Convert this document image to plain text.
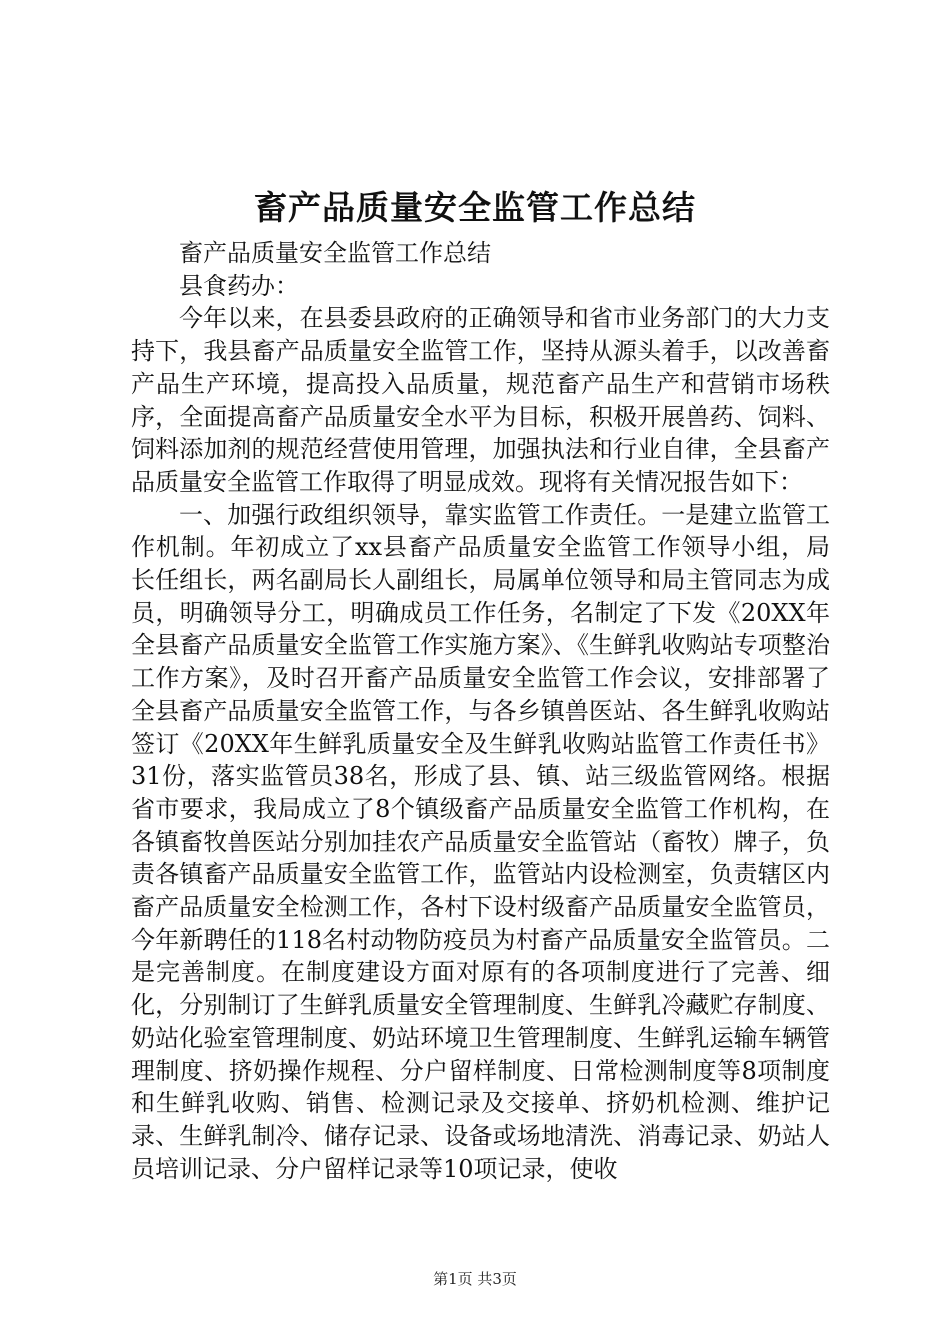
畜产品质量安全监管工作总结

畜产品质量安全监管工作总结

县食药办：

今年以来，在县委县政府的正确领导和省市业务部门的大力支持下，我县畜产品质量安全监管工作，坚持从源头着手，以改善畜产品生产环境，提高投入品质量，规范畜产品生产和营销市场秩序，全面提高畜产品质量安全水平为目标，积极开展兽药、饲料、饲料添加剂的规范经营使用管理，加强执法和行业自律，全县畜产品质量安全监管工作取得了明显成效。现将有关情况报告如下：

一、加强行政组织领导，靠实监管工作责任。一是建立监管工作机制。年初成立了xx县畜产品质量安全监管工作领导小组，局长任组长，两名副局长人副组长，局属单位领导和局主管同志为成员，明确领导分工，明确成员工作任务，名制定了下发《20XX年全县畜产品质量安全监管工作实施方案》、《生鲜乳收购站专项整治工作方案》，及时召开畜产品质量安全监管工作会议，安排部署了全县畜产品质量安全监管工作，与各乡镇兽医站、各生鲜乳收购站签订《20XX年生鲜乳质量安全及生鲜乳收购站监管工作责任书》31份，落实监管员38名，形成了县、镇、站三级监管网络。根据省市要求，我局成立了8个镇级畜产品质量安全监管工作机构，在各镇畜牧兽医站分别加挂农产品质量安全监管站（畜牧）牌子，负责各镇畜产品质量安全监管工作，监管站内设检测室，负责辖区内畜产品质量安全检测工作，各村下设村级畜产品质量安全监管员，今年新聘任的118名村动物防疫员为村畜产品质量安全监管员。二是完善制度。在制度建设方面对原有的各项制度进行了完善、细化，分别制订了生鲜乳质量安全管理制度、生鲜乳冷藏贮存制度、奶站化验室管理制度、奶站环境卫生管理制度、生鲜乳运输车辆管理制度、挤奶操作规程、分户留样制度、日常检测制度等8项制度和生鲜乳收购、销售、检测记录及交接单、挤奶机检测、维护记录、生鲜乳制冷、储存记录、设备或场地清洗、消毒记录、奶站人员培训记录、分户留样记录等10项记录，使收

第1页 共3页
